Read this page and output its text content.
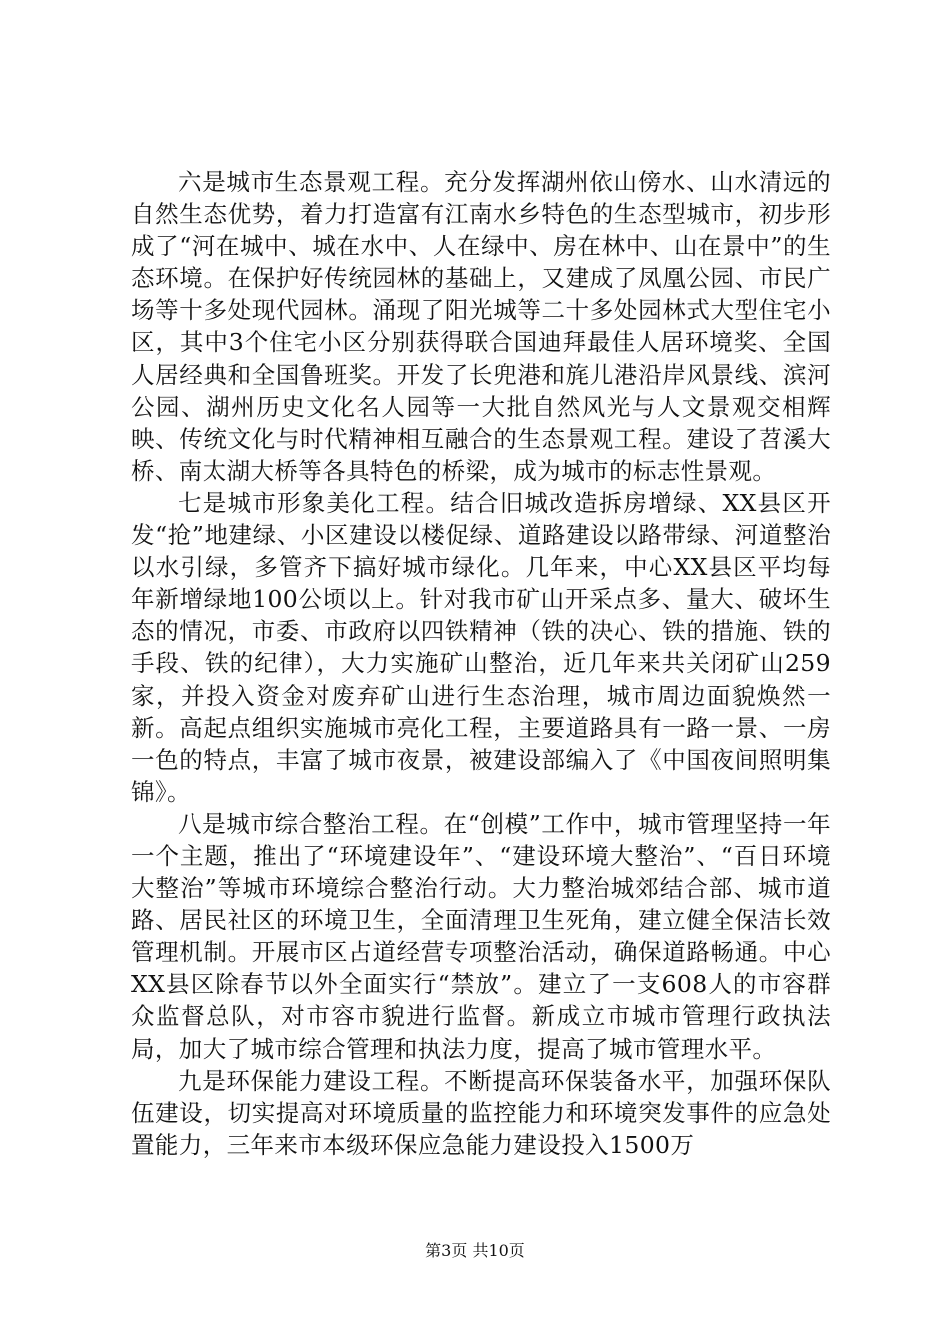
六是城市生态景观工程。充分发挥湖州依山傍水、山水清远的自然生态优势，着力打造富有江南水乡特色的生态型城市，初步形成了“河在城中、城在水中、人在绿中、房在林中、山在景中”的生态环境。在保护好传统园林的基础上，又建成了凤凰公园、市民广场等十多处现代园林。涌现了阳光城等二十多处园林式大型住宅小区，其中3个住宅小区分别获得联合国迪拜最佳人居环境奖、全国人居经典和全国鲁班奖。开发了长兜港和旄儿港沿岸风景线、滨河公园、湖州历史文化名人园等一大批自然风光与人文景观交相辉映、传统文化与时代精神相互融合的生态景观工程。建设了苕溪大桥、南太湖大桥等各具特色的桥梁，成为城市的标志性景观。

七是城市形象美化工程。结合旧城改造拆房增绿、XX县区开发“抢”地建绿、小区建设以楼促绿、道路建设以路带绿、河道整治以水引绿，多管齐下搞好城市绿化。几年来，中心XX县区平均每年新增绿地100公顷以上。针对我市矿山开采点多、量大、破坏生态的情况，市委、市政府以四铁精神（铁的决心、铁的措施、铁的手段、铁的纪律），大力实施矿山整治，近几年来共关闭矿山259家，并投入资金对废弃矿山进行生态治理，城市周边面貌焕然一新。高起点组织实施城市亮化工程，主要道路具有一路一景、一房一色的特点，丰富了城市夜景，被建设部编入了《中国夜间照明集锦》。

八是城市综合整治工程。在“创模”工作中，城市管理坚持一年一个主题，推出了“环境建设年”、“建设环境大整治”、“百日环境大整治”等城市环境综合整治行动。大力整治城郊结合部、城市道路、居民社区的环境卫生，全面清理卫生死角，建立健全保洁长效管理机制。开展市区占道经营专项整治活动，确保道路畅通。中心XX县区除春节以外全面实行“禁放”。建立了一支608人的市容群众监督总队，对市容市貌进行监督。新成立市城市管理行政执法局，加大了城市综合管理和执法力度，提高了城市管理水平。

九是环保能力建设工程。不断提高环保装备水平，加强环保队伍建设，切实提高对环境质量的监控能力和环境突发事件的应急处置能力，三年来市本级环保应急能力建设投入1500万

第3页 共10页
